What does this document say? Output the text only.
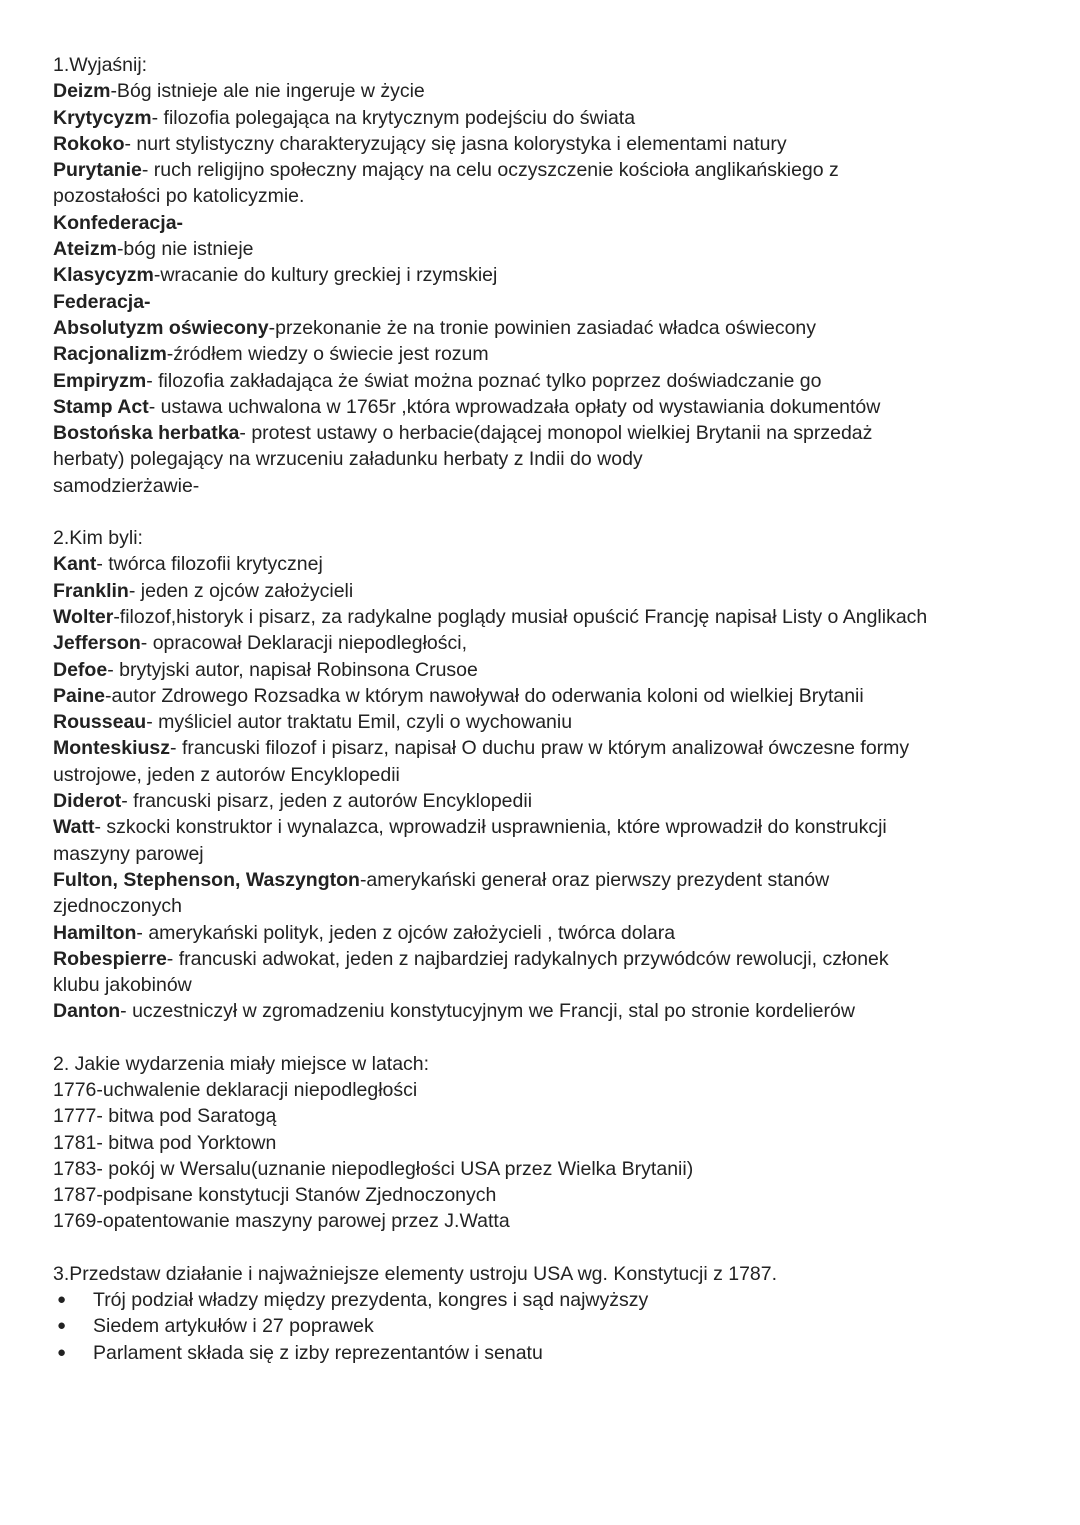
1.Wyjaśnij:

Deizm-Bóg istnieje ale nie ingeruje w życie

Krytycyzm- filozofia polegająca na krytycznym podejściu do świata

Rokoko- nurt stylistyczny charakteryzujący się jasna kolorystyka i elementami natury

Purytanie- ruch religijno społeczny mający na celu oczyszczenie kościoła anglikańskiego z pozostałości po katolicyzmie.

Konfederacja-

Ateizm-bóg nie istnieje

Klasycyzm-wracanie do kultury greckiej i rzymskiej

Federacja-

Absolutyzm oświecony-przekonanie że na tronie powinien zasiadać władca oświecony

Racjonalizm-źródłem wiedzy o świecie jest rozum

Empiryzm- filozofia zakładająca że świat można poznać tylko poprzez doświadczanie go

Stamp Act- ustawa uchwalona w 1765r ,która wprowadzała opłaty od wystawiania dokumentów

Bostońska herbatka- protest ustawy o herbacie(dającej monopol wielkiej Brytanii na sprzedaż herbaty) polegający na wrzuceniu załadunku herbaty z Indii do wody

samodzierżawie-

2.Kim byli:

Kant- twórca filozofii krytycznej

Franklin- jeden z ojców założycieli

Wolter-filozof,historyk i pisarz, za radykalne poglądy musiał opuścić Francję napisał Listy o Anglikach

Jefferson- opracował Deklaracji niepodległości,

Defoe- brytyjski autor, napisał Robinsona Crusoe

Paine-autor Zdrowego Rozsadka w którym nawoływał do oderwania koloni od wielkiej Brytanii

Rousseau- myśliciel autor traktatu Emil, czyli o wychowaniu

Monteskiusz- francuski filozof i pisarz, napisał O duchu praw w którym analizował ówczesne formy ustrojowe, jeden z autorów Encyklopedii

Diderot- francuski pisarz, jeden z autorów Encyklopedii

Watt- szkocki konstruktor i wynalazca, wprowadził usprawnienia, które wprowadził do konstrukcji maszyny parowej

Fulton, Stephenson, Waszyngton-amerykański generał oraz pierwszy prezydent stanów zjednoczonych

Hamilton- amerykański polityk, jeden z ojców założycieli , twórca dolara

Robespierre- francuski adwokat, jeden z najbardziej radykalnych przywódców rewolucji, członek klubu jakobinów

Danton- uczestniczył w zgromadzeniu konstytucyjnym we Francji, stal po stronie kordelierów

2. Jakie wydarzenia miały miejsce w latach:

1776-uchwalenie deklaracji niepodległości

1777- bitwa pod Saratogą

1781- bitwa pod Yorktown

1783- pokój w Wersalu(uznanie niepodległości USA przez Wielka Brytanii)

1787-podpisane konstytucji Stanów Zjednoczonych

1769-opatentowanie maszyny parowej przez J.Watta

3.Przedstaw działanie i najważniejsze elementy ustroju USA wg. Konstytucji z 1787.

● Trój podział władzy między prezydenta, kongres i sąd najwyższy
● Siedem artykułów i 27 poprawek
● Parlament składa się z izby reprezentantów i senatu
